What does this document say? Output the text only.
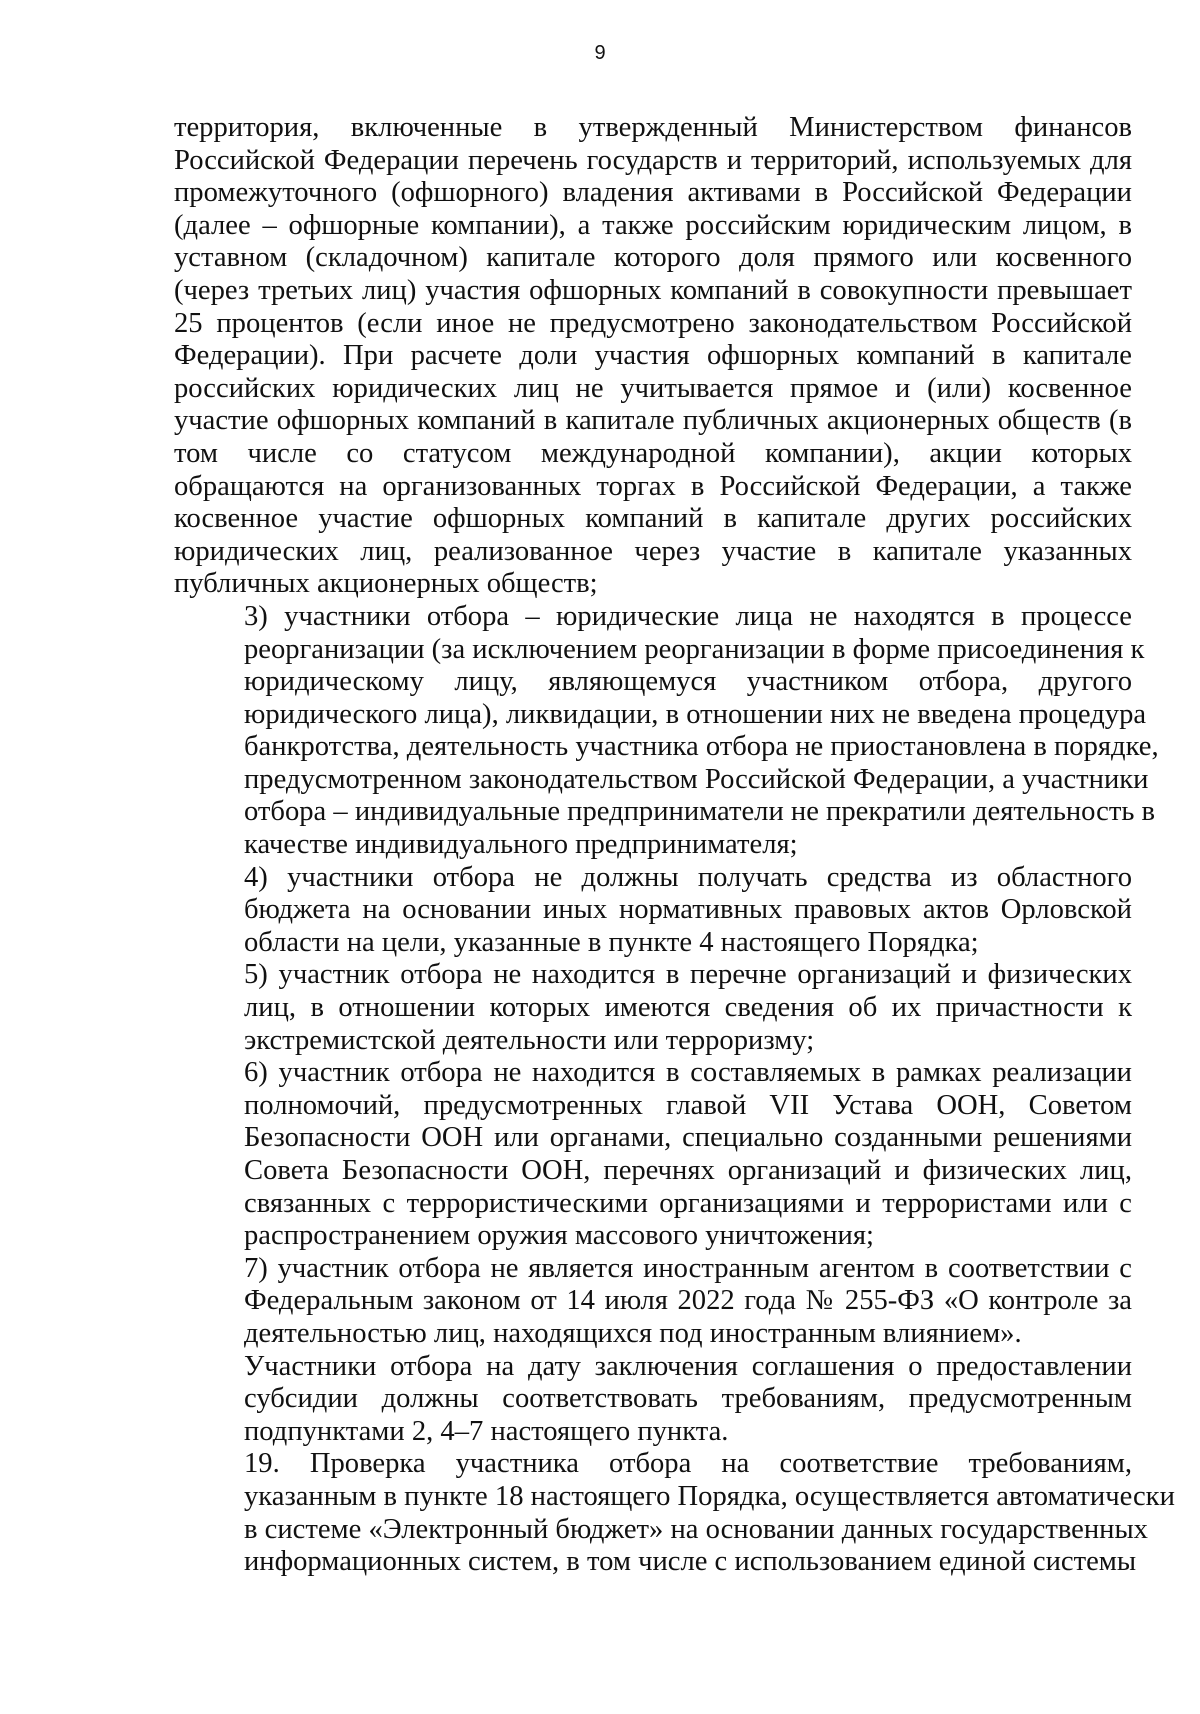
9
территория, включенные в утвержденный Министерством финансов
Российской Федерации перечень государств и территорий, используемых для
промежуточного (офшорного) владения активами в Российской Федерации
(далее – офшорные компании), а также российским юридическим лицом, в
уставном (складочном) капитале которого доля прямого или косвенного
(через третьих лиц) участия офшорных компаний в совокупности превышает
25 процентов (если иное не предусмотрено законодательством Российской
Федерации). При расчете доли участия офшорных компаний в капитале
российских юридических лиц не учитывается прямое и (или) косвенное
участие офшорных компаний в капитале публичных акционерных обществ (в
том числе со статусом международной компании), акции которых
обращаются на организованных торгах в Российской Федерации, а также
косвенное участие офшорных компаний в капитале других российских
юридических лиц, реализованное через участие в капитале указанных
публичных акционерных обществ;
3) участники отбора – юридические лица не находятся в процессе
реорганизации (за исключением реорганизации в форме присоединения к
юридическому лицу, являющемуся участником отбора, другого
юридического лица), ликвидации, в отношении них не введена процедура
банкротства, деятельность участника отбора не приостановлена в порядке,
предусмотренном законодательством Российской Федерации, а участники
отбора – индивидуальные предприниматели не прекратили деятельность в
качестве индивидуального предпринимателя;
4) участники отбора не должны получать средства из областного
бюджета на основании иных нормативных правовых актов Орловской
области на цели, указанные в пункте 4 настоящего Порядка;
5) участник отбора не находится в перечне организаций и физических
лиц, в отношении которых имеются сведения об их причастности к
экстремистской деятельности или терроризму;
6) участник отбора не находится в составляемых в рамках реализации
полномочий, предусмотренных главой VII Устава ООН, Советом
Безопасности ООН или органами, специально созданными решениями
Совета Безопасности ООН, перечнях организаций и физических лиц,
связанных с террористическими организациями и террористами или с
распространением оружия массового уничтожения;
7) участник отбора не является иностранным агентом в соответствии с
Федеральным законом от 14 июля 2022 года № 255-ФЗ «О контроле за
деятельностью лиц, находящихся под иностранным влиянием».
Участники отбора на дату заключения соглашения о предоставлении
субсидии должны соответствовать требованиям, предусмотренным
подпунктами 2, 4–7 настоящего пункта.
19. Проверка участника отбора на соответствие требованиям,
указанным в пункте 18 настоящего Порядка, осуществляется автоматически
в системе «Электронный бюджет» на основании данных государственных
информационных систем, в том числе с использованием единой системы
